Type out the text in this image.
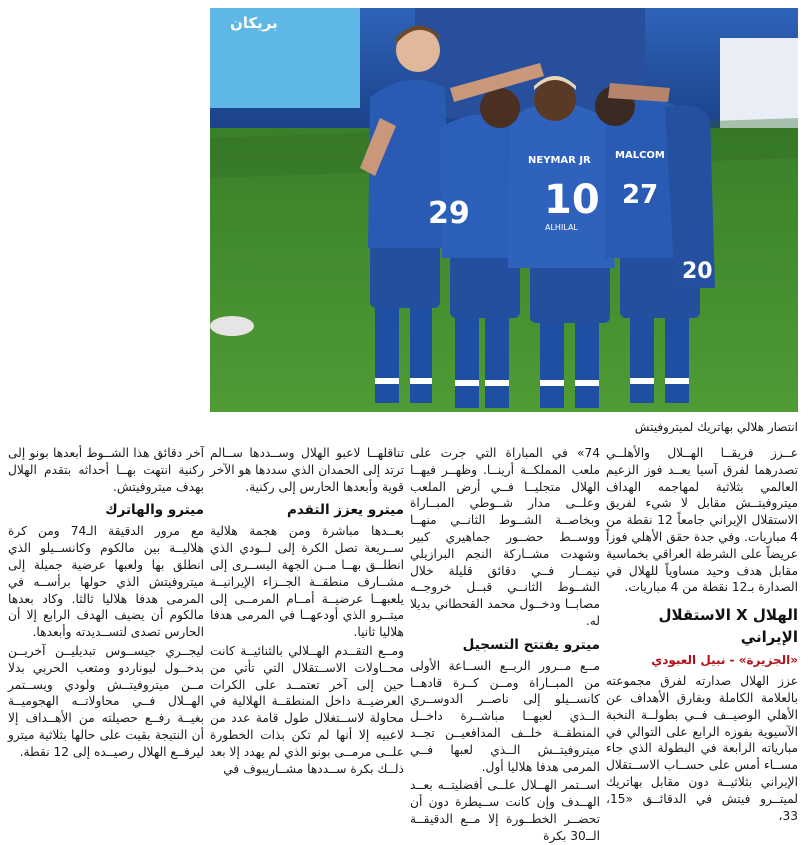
بريكان
10
29
20
27
NEYMAR JR MALCOM
ALHILAL
انتصار هلالي بهاتريك لميتروفيتش

عــزز فريقــا الهــلال والأهلــي تصدرهما لفرق آسيا بعــد فوز الزعيم العالمي بثلاثية لمهاجمه الهداف ميتروفيتــش مقابل لا شيء لفريق الاستقلال الإيراني جامعاً 12 نقطة من 4 مباريات. وفي جدة حقق الأهلي فوزاً عريضاً على الشرطة العراقي بخماسية مقابل هدف وحيد مساوياً للهلال في الصدارة بـ12 نقطة من 4 مباريات.

الهلال X الاستقلال الإيراني
«الجزيرة» - نبيل العبودي

عزز الهلال صدارته لفرق مجموعته بالعلامة الكاملة وبفارق الأهداف عن الأهلي الوصيــف فــي بطولــة النخبة الآسيوية بفوزه الرابع على التوالي في مبارياته الرابعة في البطولة الذي جاء مســاء أمس على حســاب الاســتقلال الإيراني بثلاثيــة دون مقابل بهاتريك لميتــرو فيتش في الدقائــق «15، 33،

74» في المباراة التي جرت على ملعب المملكــة أرينــا. وظهــر فيهــا الهلال متجليــا فــي أرض الملعب وعلــى مدار شــوطي المبــاراة وبخاصــة الشــوط الثانــي منهــا ووســط حضــور جماهيري كبير وشهدت مشــاركة النجم البرازيلي نيمــار فــي دقائق قليلة خلال الشــوط الثانــي قبــل خروجــه مصابــا ودخــول محمد القحطاني بديلا له.

ميترو يفتتح التسجيل

مــع مــرور الربــع الســاعة الأولى من المبــاراة ومــن كــرة قادهــا كانســيلو إلى ناصــر الدوســري الــذي لعبهــا مباشــرة داخــل المنطقــة خلــف المدافعيــن تجــد ميتروفيتــش الــذي لعبها فــي المرمى هدفا هلاليا أول.

اســتمر الهــلال علــى أفضليتــه بعــد الهــدف وإن كانت ســيطرة دون أن تحضــر الخطــورة إلا مــع الدقيقــة الــ30 بكرة

تناقلهــا لاعبو الهلال وســددها ســالم ترتد إلى الحمدان الذي سددها هو الآخر قوية وأبعدها الحارس إلى ركنية.

ميترو يعزز التقدم

بعــدها مباشرة ومن هجمة هلالية ســريعة تصل الكرة إلى لــودي الذي انطلــق بهــا مــن الجهة اليســرى إلى مشــارف منطقــة الجــزاء الإيرانيــة يلعبهــا عرضيــة أمــام المرمــى إلى ميتــرو الذي أودعهــا في المرمى هدفا هلاليا ثانيا.

ومــع التقــدم الهــلالي بالثنائيــة كانت محــاولات الاســتقلال التي تأتي من حين إلى آخر تعتمــد على الكرات العرضيــة داخل المنطقــة الهلالية في محاولة لاســتغلال طول قامة عدد من لاعبيه إلا أنها لم تكن بذات الخطورة علــى مرمــى بونو الذي لم يهدد إلا بعد ذلــك بكرة ســددها مشــاريبوف في

آخر دقائق هذا الشــوط أبعدها بونو إلى ركنية انتهت بهــا أحداثه بتقدم الهلال بهدف ميتروفيتش.

ميترو والهاترك

مع مرور الدقيقة الـ74 ومن كرة هلاليــة بين مالكوم وكانســيلو الذي انطلق بها ولعبها عرضية جميلة إلى ميتروفيتش الذي حولها برأســه في المرمى هدفا هلاليا ثالثا. وكاد بعدها مالكوم أن يضيف الهدف الرابع إلا أن الحارس تصدى لتســديدته وأبعدها.

ليجــري جيســوس تبديليــن آخريــن بدخــول ليوناردو ومتعب الحربي بدلا مــن ميتروفيتــش ولودي ويســتمر الهــلال فــي محاولاتــه الهجوميــة بغيــة رفــع حصيلته من الأهــداف إلا أن النتيجة بقيت على حالها بثلاثية ميترو ليرفــع الهلال رصيــده إلى 12 نقطة.
